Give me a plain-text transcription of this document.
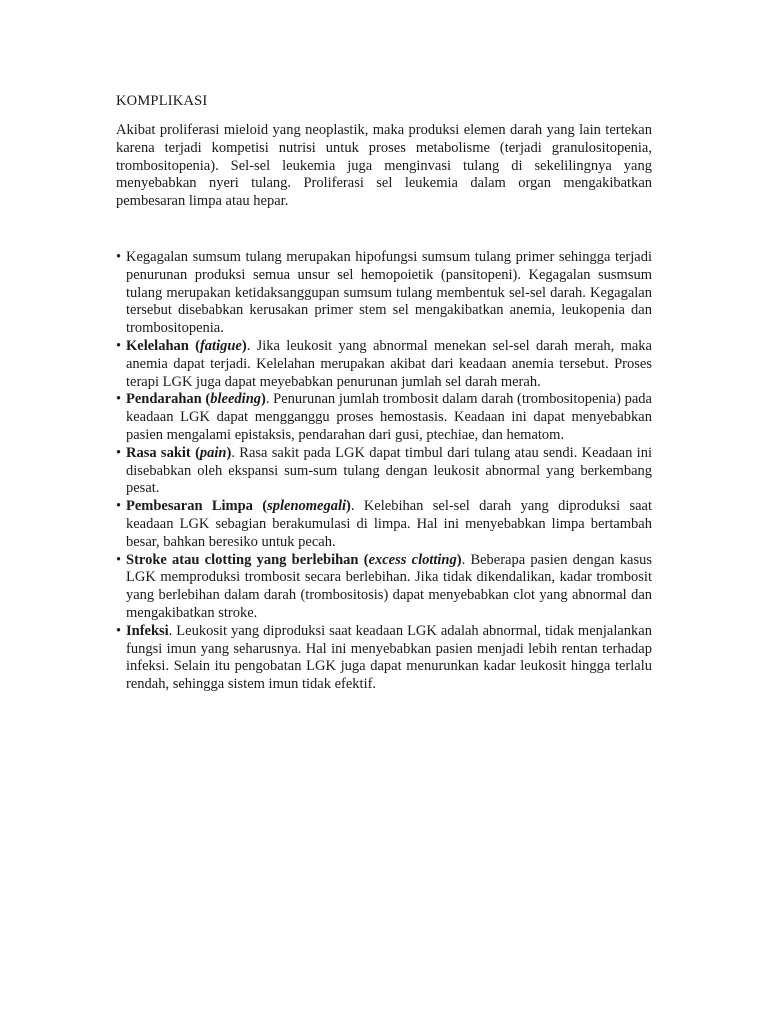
KOMPLIKASI

Akibat proliferasi mieloid yang neoplastik, maka produksi elemen darah yang lain tertekan karena terjadi kompetisi nutrisi untuk proses metabolisme (terjadi granulositopenia, trombositopenia). Sel-sel leukemia juga menginvasi tulang di sekelilingnya yang menyebabkan nyeri tulang. Proliferasi sel leukemia dalam organ mengakibatkan pembesaran limpa atau hepar.

• Kegagalan sumsum tulang merupakan hipofungsi sumsum tulang primer sehingga terjadi penurunan produksi semua unsur sel hemopoietik (pansitopeni). Kegagalan susmsum tulang merupakan ketidaksanggupan sumsum tulang membentuk sel-sel darah. Kegagalan tersebut disebabkan kerusakan primer stem sel mengakibatkan anemia, leukopenia dan trombositopenia.
• Kelelahan (fatigue). Jika leukosit yang abnormal menekan sel-sel darah merah, maka anemia dapat terjadi. Kelelahan merupakan akibat dari keadaan anemia tersebut. Proses terapi LGK juga dapat meyebabkan penurunan jumlah sel darah merah.
• Pendarahan (bleeding). Penurunan jumlah trombosit dalam darah (trombositopenia) pada keadaan LGK dapat mengganggu proses hemostasis. Keadaan ini dapat menyebabkan pasien mengalami epistaksis, pendarahan dari gusi, ptechiae, dan hematom.
• Rasa sakit (pain). Rasa sakit pada LGK dapat timbul dari tulang atau sendi. Keadaan ini disebabkan oleh ekspansi sum-sum tulang dengan leukosit abnormal yang berkembang pesat.
• Pembesaran Limpa (splenomegali). Kelebihan sel-sel darah yang diproduksi saat keadaan LGK sebagian berakumulasi di limpa. Hal ini menyebabkan limpa bertambah besar, bahkan beresiko untuk pecah.
• Stroke atau clotting yang berlebihan (excess clotting). Beberapa pasien dengan kasus LGK memproduksi trombosit secara berlebihan. Jika tidak dikendalikan, kadar trombosit yang berlebihan dalam darah (trombositosis) dapat menyebabkan clot yang abnormal dan mengakibatkan stroke.
• Infeksi. Leukosit yang diproduksi saat keadaan LGK adalah abnormal, tidak menjalankan fungsi imun yang seharusnya. Hal ini menyebabkan pasien menjadi lebih rentan terhadap infeksi. Selain itu pengobatan LGK juga dapat menurunkan kadar leukosit hingga terlalu rendah, sehingga sistem imun tidak efektif.
